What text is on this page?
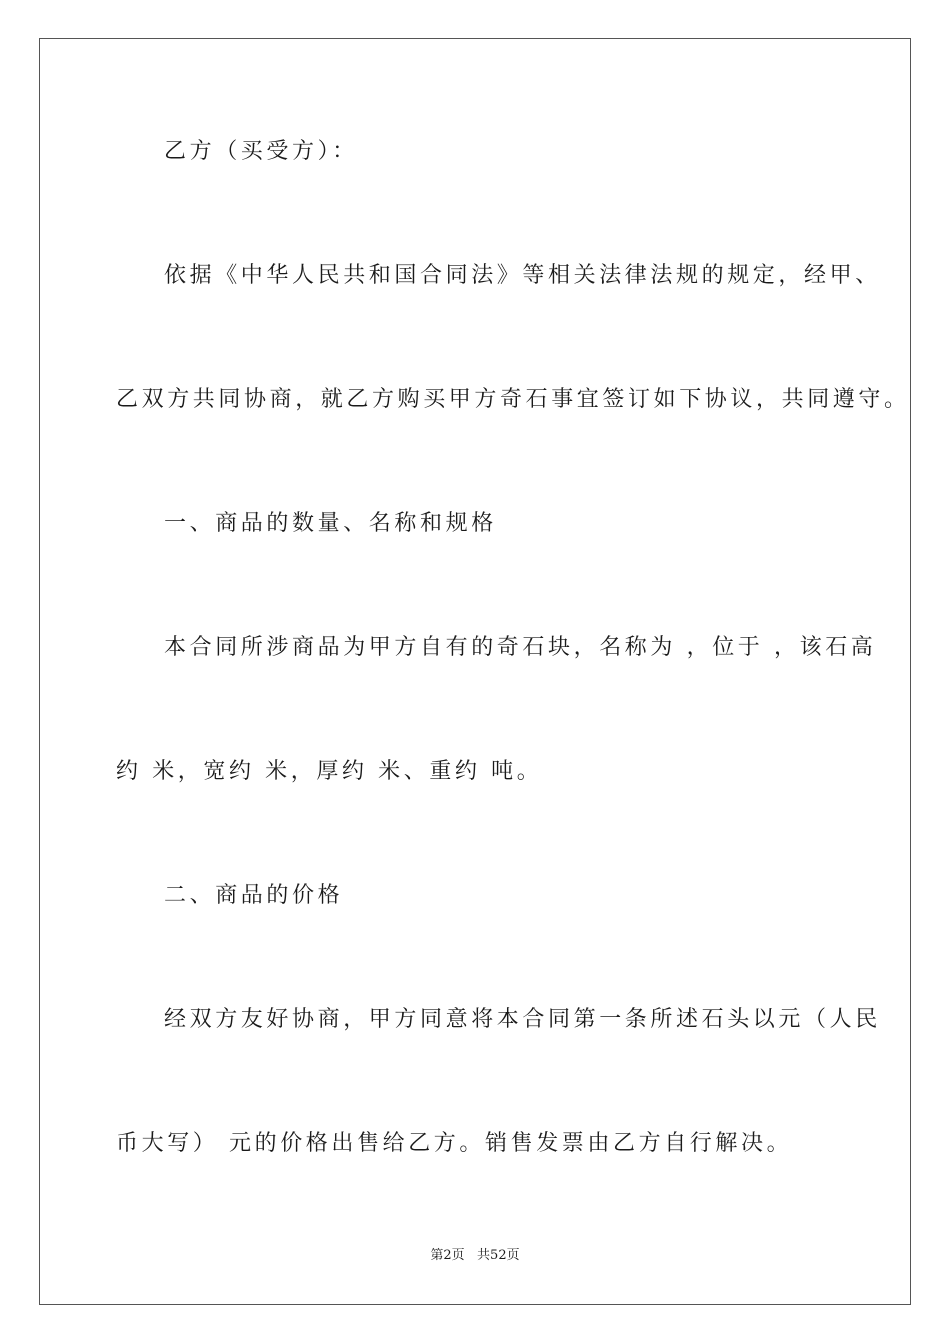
乙方（买受方）：
依据《中华人民共和国合同法》等相关法律法规的规定，经甲、
乙双方共同协商，就乙方购买甲方奇石事宜签订如下协议，共同遵守。
一、商品的数量、名称和规格
本合同所涉商品为甲方自有的奇石块，名称为 ，位于 ，该石高
约 米，宽约 米，厚约 米、重约 吨。
二、商品的价格
经双方友好协商，甲方同意将本合同第一条所述石头以元（人民
币大写） 元的价格出售给乙方。销售发票由乙方自行解决。
第2页   共52页
